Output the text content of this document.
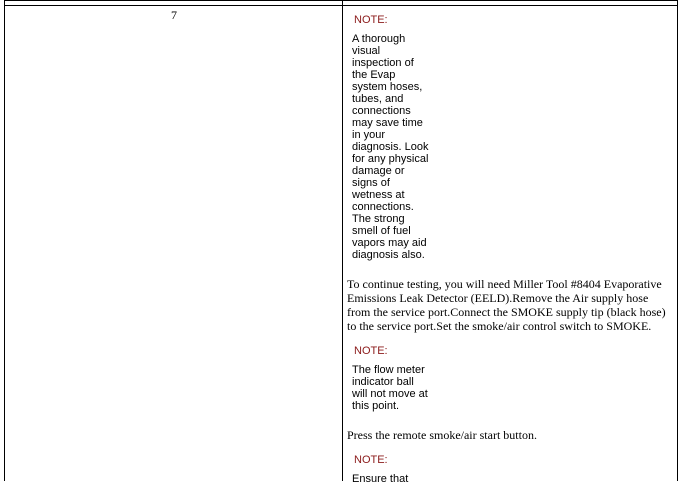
7	NOTE:

A thorough
visual
inspection of
the Evap
system hoses,
tubes, and
connections
may save time
in your
diagnosis. Look
for any physical
damage or
signs of
wetness at
connections.
The strong
smell of fuel
vapors may aid
diagnosis also.

To continue testing, you will need Miller Tool #8404 Evaporative
Emissions Leak Detector (EELD).Remove the Air supply hose
from the service port.Connect the SMOKE supply tip (black hose)
to the service port.Set the smoke/air control switch to SMOKE.

NOTE:

The flow meter
indicator ball
will not move at
this point.

Press the remote smoke/air start button.

NOTE:

Ensure that
